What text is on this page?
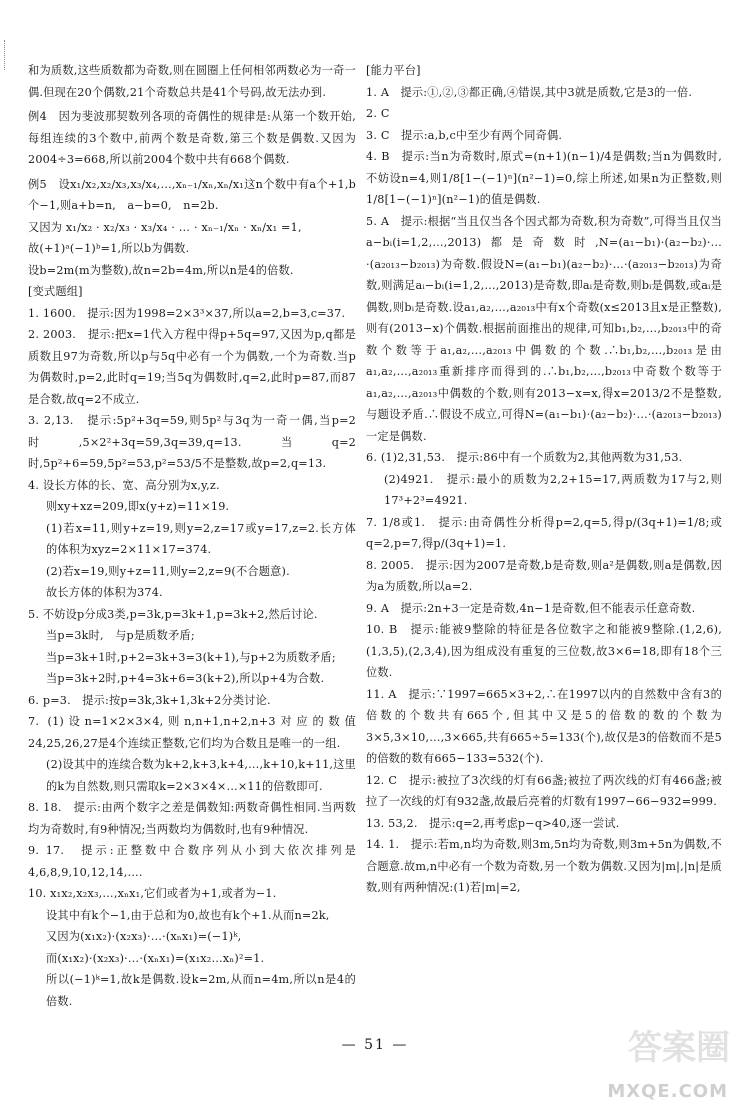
和为质数,这些质数都为奇数,则在圆圈上任何相邻两数必为一奇一偶.但现在20个偶数,21个奇数总共是41个号码,故无法办到.

例4　因为斐波那契数列各项的奇偶性的规律是:从第一个数开始,每组连续的3个数中,前两个数是奇数,第三个数是偶数.又因为2004÷3=668,所以前2004个数中共有668个偶数.

例5　设x₁/x₂,x₂/x₃,x₃/x₄,…,xₙ₋₁/xₙ,xₙ/x₁这n个数中有a个+1,b个−1,则a+b=n,　a−b=0,　n=2b.

又因为 x₁/x₂ · x₂/x₃ · x₃/x₄ · … · xₙ₋₁/xₙ · xₙ/x₁ =1,

故(+1)ᵃ(−1)ᵇ=1,所以b为偶数.

设b=2m(m为整数),故n=2b=4m,所以n是4的倍数.

[变式题组]

1. 1600.　提示:因为1998=2×3³×37,所以a=2,b=3,c=37.

2. 2003.　提示:把x=1代入方程中得p+5q=97,又因为p,q都是质数且97为奇数,所以p与5q中必有一个为偶数,一个为奇数.当p为偶数时,p=2,此时q=19;当5q为偶数时,q=2,此时p=87,而87是合数,故q=2不成立.

3. 2,13.　提示:5p²+3q=59,则5p²与3q为一奇一偶,当p=2时,5×2²+3q=59,3q=39,q=13.当q=2时,5p²+6=59,5p²=53,p²=53/5不是整数,故p=2,q=13.

4. 设长方体的长、宽、高分别为x,y,z.

则xy+xz=209,即x(y+z)=11×19.

(1)若x=11,则y+z=19,则y=2,z=17或y=17,z=2.长方体的体积为xyz=2×11×17=374.

(2)若x=19,则y+z=11,则y=2,z=9(不合题意).

故长方体的体积为374.

5. 不妨设p分成3类,p=3k,p=3k+1,p=3k+2,然后讨论.

当p=3k时,　与p是质数矛盾;

当p=3k+1时,p+2=3k+3=3(k+1),与p+2为质数矛盾;

当p=3k+2时,p+4=3k+6=3(k+2),所以p+4为合数.

6. p=3.　提示:按p=3k,3k+1,3k+2分类讨论.

7. (1)设n=1×2×3×4,则n,n+1,n+2,n+3对应的数值24,25,26,27是4个连续正整数,它们均为合数且是唯一的一组.

(2)设其中的连续合数为k+2,k+3,k+4,…,k+10,k+11,这里的k为自然数,则只需取k=2×3×4×…×11的倍数即可.

8. 18.　提示:由两个数字之差是偶数知:两数奇偶性相同.当两数均为奇数时,有9种情况;当两数均为偶数时,也有9种情况.

9. 17.　提示:正整数中合数序列从小到大依次排列是4,6,8,9,10,12,14,….

10. x₁x₂,x₂x₃,…,xₙx₁,它们或者为+1,或者为−1.

设其中有k个−1,由于总和为0,故也有k个+1.从而n=2k,

又因为(x₁x₂)·(x₂x₃)·…·(xₙx₁)=(−1)ᵏ,

而(x₁x₂)·(x₂x₃)·…·(xₙx₁)=(x₁x₂…xₙ)²=1.

所以(−1)ᵏ=1,故k是偶数.设k=2m,从而n=4m,所以n是4的倍数.

[能力平台]

1. A　提示:①,②,③都正确,④错误,其中3就是质数,它是3的一倍.

2. C

3. C　提示:a,b,c中至少有两个同奇偶.

4. B　提示:当n为奇数时,原式=(n+1)(n−1)/4是偶数;当n为偶数时,不妨设n=4,则1/8[1−(−1)ⁿ](n²−1)=0,综上所述,如果n为正整数,则1/8[1−(−1)ⁿ](n²−1)的值是偶数.

5. A　提示:根据“当且仅当各个因式都为奇数,积为奇数”,可得当且仅当a−bᵢ(i=1,2,…,2013)都是奇数时,N=(a₁−b₁)·(a₂−b₂)·…·(a₂₀₁₃−b₂₀₁₃)为奇数.假设N=(a₁−b₁)(a₂−b₂)·…·(a₂₀₁₃−b₂₀₁₃)为奇数,则满足aᵢ−bᵢ(i=1,2,…,2013)是奇数,即aᵢ是奇数,则bᵢ是偶数,或aᵢ是偶数,则bᵢ是奇数.设a₁,a₂,…,a₂₀₁₃中有x个奇数(x≤2013且x是正整数),则有(2013−x)个偶数.根据前面推出的规律,可知b₁,b₂,…,b₂₀₁₃中的奇数个数等于a₁,a₂,…,a₂₀₁₃中偶数的个数.∴b₁,b₂,…,b₂₀₁₃是由a₁,a₂,…,a₂₀₁₃重新排序而得到的.∴b₁,b₂,…,b₂₀₁₃中奇数个数等于a₁,a₂,…,a₂₀₁₃中偶数的个数,则有2013−x=x,得x=2013/2不是整数,与题设矛盾.∴假设不成立,可得N=(a₁−b₁)·(a₂−b₂)·…·(a₂₀₁₃−b₂₀₁₃)一定是偶数.

6. (1)2,31,53.　提示:86中有一个质数为2,其他两数为31,53.

(2)4921.　提示:最小的质数为2,2+15=17,两质数为17与2,则17³+2³=4921.

7. 1/8或1.　提示:由奇偶性分析得p=2,q=5,得p/(3q+1)=1/8;或q=2,p=7,得p/(3q+1)=1.

8. 2005.　提示:因为2007是奇数,b是奇数,则a²是偶数,则a是偶数,因为a为质数,所以a=2.

9. A　提示:2n+3一定是奇数,4n−1是奇数,但不能表示任意奇数.

10. B　提示:能被9整除的特征是各位数字之和能被9整除.(1,2,6),(1,3,5),(2,3,4),因为组成没有重复的三位数,故3×6=18,即有18个三位数.

11. A　提示:∵1997=665×3+2,∴在1997以内的自然数中含有3的倍数的个数共有665个,但其中又是5的倍数的数的个数为3×5,3×10,…,3×665,共有665÷5=133(个),故仅是3的倍数而不是5的倍数的数有665−133=532(个).

12. C　提示:被拉了3次线的灯有66盏;被拉了两次线的灯有466盏;被拉了一次线的灯有932盏,故最后亮着的灯数有1997−66−932=999.

13. 53,2.　提示:q=2,再考虑p−q>40,逐一尝试.

14. 1.　提示:若m,n均为奇数,则3m,5n均为奇数,则3m+5n为偶数,不合题意.故m,n中必有一个数为奇数,另一个数为偶数.又因为|m|,|n|是质数,则有两种情况:(1)若|m|=2,

— 51 —	答案圈
MXQE.COM
